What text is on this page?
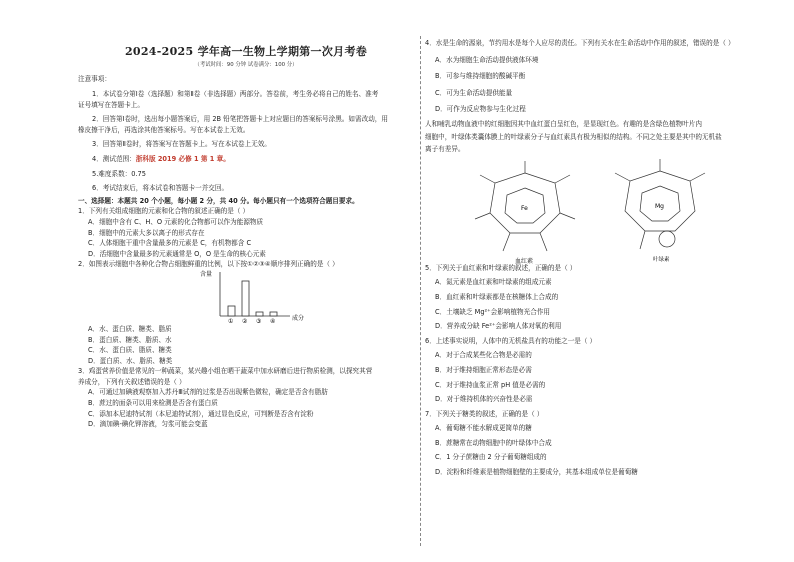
2024-2025 学年高一生物上学期第一次月考卷
（考试时间：90 分钟 试卷满分：100 分）
注意事项：
1．本试卷分第Ⅰ卷（选择题）和第Ⅱ卷（非选择题）两部分。答卷前，考生务必将自己的姓名、准考
证号填写在答题卡上。
2．回答第Ⅰ卷时，选出每小题答案后，用 2B 铅笔把答题卡上对应题目的答案标号涂黑。如需改动，用
橡皮擦干净后，再选涂其他答案标号。写在本试卷上无效。
3．回答第Ⅱ卷时，将答案写在答题卡上。写在本试卷上无效。
4．测试范围：浙科版 2019 必修 1 第 1 章。
5.难度系数：0.75
6．考试结束后，将本试卷和答题卡一并交回。
一、选择题：本题共 20 个小题，每小题 2 分，共 40 分。每小题只有一个选项符合题目要求。
1．下列有关组成细胞的元素和化合物的叙述正确的是（ ）
A．细胞中含有 C、H、O 元素的化合物都可以作为能源物质
B．细胞中的元素大多以离子的形式存在
C．人体细胞干重中含量最多的元素是 C，有机物都含 C
D．活细胞中含量最多的元素通常是 O，O 是生命的核心元素
2．如图表示细胞中各种化合物占细胞鲜重的比例，以下按①②③④顺序排列正确的是（ ）
含量
成分
① ② ③ ④
A．水、蛋白质、糖类、脂质
B．蛋白质、糖类、脂质、水
C．水、蛋白质、脂质、糖类
D．蛋白质、水、脂质、糖类
3．鸡蛋营养价值是常见的一种蔬菜，某兴趣小组在晒干蔬菜中加水研磨后进行物质检测，以探究其营
养成分，下列有关叙述错误的是（ ）
A．可通过加碘液观察加入苏丹Ⅲ试剂的过浆是否出现紫色微粒，确定是否含有脂肪
B．蔗过的面条可以用来检测是否含有蛋白质
C．添加本尼迪特试剂（本尼迪特试剂），通过显色反应，可判断是否含有淀粉
D．滴加碘-碘化钾溶液，匀浆可能会变蓝
4．水是生命的源泉，节约用水是每个人应尽的责任。下列有关水在生命活动中作用的叙述，错误的是（ ）
A．水为细胞生命活动提供液体环境
B．可参与维持细胞的酸碱平衡
C．可为生命活动提供能量
D．可作为反应物参与生化过程
人和哺乳动物血液中的红细胞因其中血红蛋白呈红色，是显现红色。有趣的是含绿色植物叶片内
细胞中，叶绿体类囊体膜上的叶绿素分子与血红素具有极为相似的结构。不同之处主要是其中的无机盐
离子有差异。
Fe
血红素
Mg
叶绿素
5．下列关于血红素和叶绿素的叙述，正确的是（ ）
A．氮元素是血红素和叶绿素的组成元素
B．血红素和叶绿素都是在核糖体上合成的
C．土壤缺乏 Mg²⁺会影响植物光合作用
D．营养成分缺 Fe²⁺会影响人体对氧的利用
6．上述事实说明，人体中的无机盐具有的功能之一是（ ）
A．对于合成某些化合物是必需的
B．对于维持细胞正常形态是必需
C．对于维持血浆正常 pH 值是必需的
D．对于维持机体的兴奋性是必需
7．下列关于糖类的叙述，正确的是（ ）
A．葡萄糖不能水解成更简单的糖
B．蔗糖常在动物细胞中的叶绿体中合成
C．1 分子蔗糖由 2 分子葡萄糖组成的
D．淀粉和纤维素是植物细胞壁的主要成分，其基本组成单位是葡萄糖
